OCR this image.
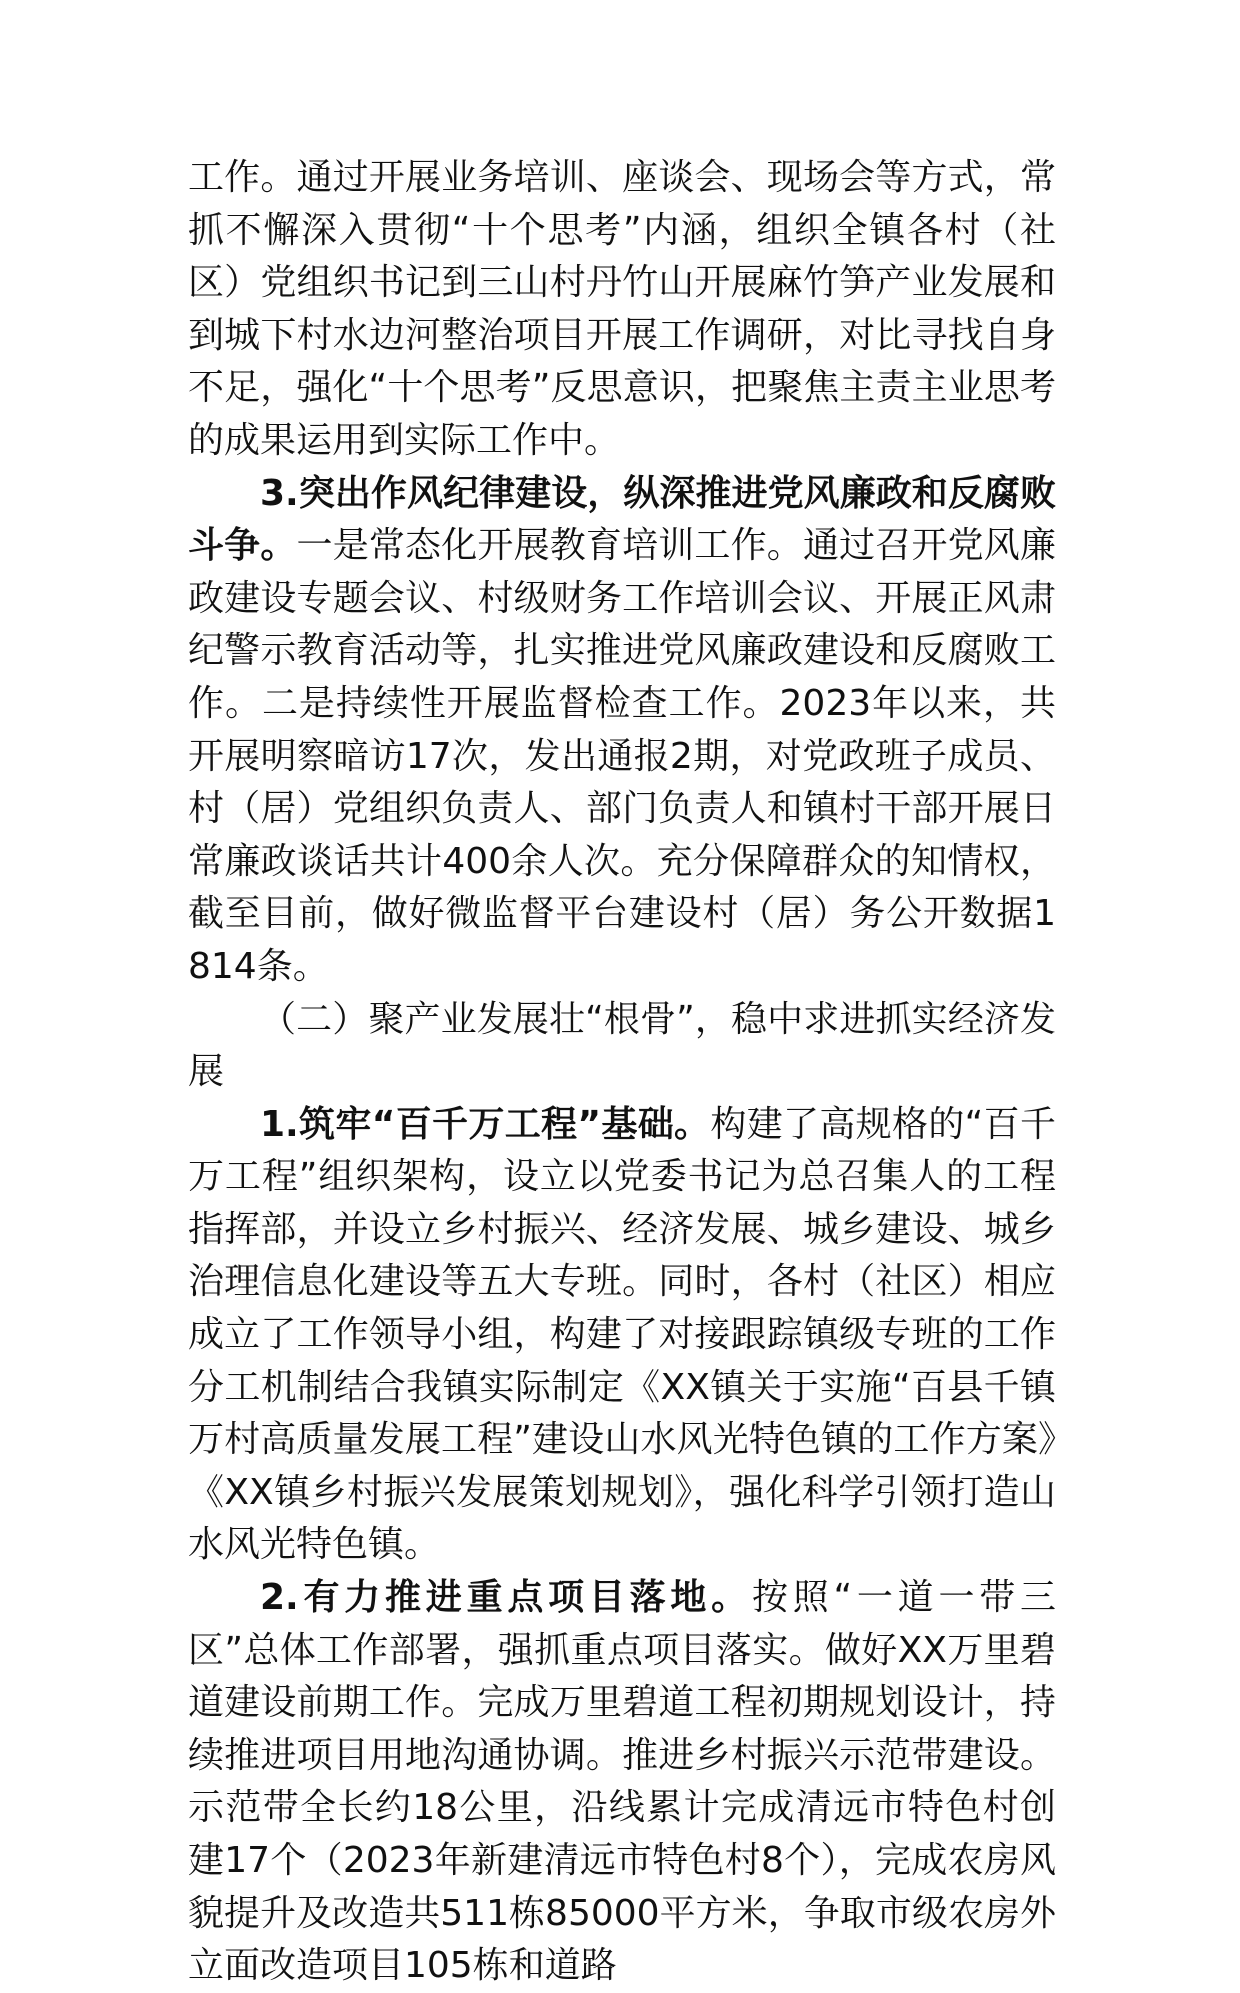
工作。通过开展业务培训、座谈会、现场会等方式，常抓不懈深入贯彻“十个思考”内涵，组织全镇各村（社区）党组织书记到三山村丹竹山开展麻竹笋产业发展和到城下村水边河整治项目开展工作调研，对比寻找自身不足，强化“十个思考”反思意识，把聚焦主责主业思考的成果运用到实际工作中。

3.突出作风纪律建设，纵深推进党风廉政和反腐败斗争。一是常态化开展教育培训工作。通过召开党风廉政建设专题会议、村级财务工作培训会议、开展正风肃纪警示教育活动等，扎实推进党风廉政建设和反腐败工作。二是持续性开展监督检查工作。2023年以来，共开展明察暗访17次，发出通报2期，对党政班子成员、村（居）党组织负责人、部门负责人和镇村干部开展日常廉政谈话共计400余人次。充分保障群众的知情权，截至目前，做好微监督平台建设村（居）务公开数据1814条。

（二）聚产业发展壮“根骨”，稳中求进抓实经济发展

1.筑牢“百千万工程”基础。构建了高规格的“百千万工程”组织架构，设立以党委书记为总召集人的工程指挥部，并设立乡村振兴、经济发展、城乡建设、城乡治理信息化建设等五大专班。同时，各村（社区）相应成立了工作领导小组，构建了对接跟踪镇级专班的工作分工机制结合我镇实际制定《XX镇关于实施“百县千镇万村高质量发展工程”建设山水风光特色镇的工作方案》《XX镇乡村振兴发展策划规划》，强化科学引领打造山水风光特色镇。

2.有力推进重点项目落地。按照“一道一带三区”总体工作部署，强抓重点项目落实。做好XX万里碧道建设前期工作。完成万里碧道工程初期规划设计，持续推进项目用地沟通协调。推进乡村振兴示范带建设。示范带全长约18公里，沿线累计完成清远市特色村创建17个（2023年新建清远市特色村8个），完成农房风貌提升及改造共511栋85000平方米，争取市级农房外立面改造项目105栋和道路
